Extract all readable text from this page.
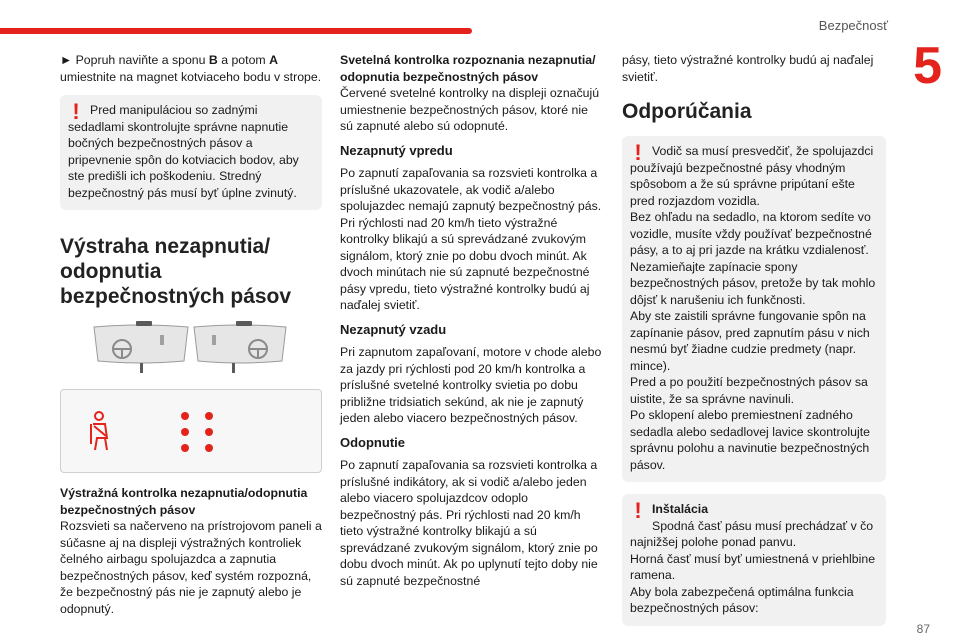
Bezpečnosť
5

► Popruh naviňte a sponu B a potom A umiestnite na magnet kotviaceho bodu v strope.

! Pred manipuláciou so zadnými sedadlami skontrolujte správne napnutie bočných bezpečnostných pásov a pripevnenie spôn do kotviacich bodov, aby ste predišli ich poškodeniu. Stredný bezpečnostný pás musí byť úplne zvinutý.

Výstraha nezapnutia/ odopnutia bezpečnostných pásov

Výstražná kontrolka nezapnutia/odopnutia bezpečnostných pásov
Rozsvieti sa načerveno na prístrojovom paneli a súčasne aj na displeji výstražných kontroliek čelného airbagu spolujazdca a zapnutia bezpečnostných pásov, keď systém rozpozná, že bezpečnostný pás nie je zapnutý alebo je odopnutý.

Svetelná kontrolka rozpoznania nezapnutia/ odopnutia bezpečnostných pásov
Červené svetelné kontrolky na displeji označujú umiestnenie bezpečnostných pásov, ktoré nie sú zapnuté alebo sú odopnuté.

Nezapnutý vpredu

Po zapnutí zapaľovania sa rozsvieti kontrolka a príslušné ukazovatele, ak vodič a/alebo spolujazdec nemajú zapnutý bezpečnostný pás. Pri rýchlosti nad 20 km/h tieto výstražné kontrolky blikajú a sú sprevádzané zvukovým signálom, ktorý znie po dobu dvoch minút. Ak dvoch minútach nie sú zapnuté bezpečnostné pásy vpredu, tieto výstražné kontrolky budú aj naďalej svietiť.

Nezapnutý vzadu

Pri zapnutom zapaľovaní, motore v chode alebo za jazdy pri rýchlosti pod 20 km/h kontrolka a príslušné svetelné kontrolky svietia po dobu približne tridsiatich sekúnd, ak nie je zapnutý jeden alebo viacero bezpečnostných pásov.

Odopnutie

Po zapnutí zapaľovania sa rozsvieti kontrolka a príslušné indikátory, ak si vodič a/alebo jeden alebo viacero spolujazdcov odoplo bezpečnostný pás. Pri rýchlosti nad 20 km/h tieto výstražné kontrolky blikajú a sú sprevádzané zvukovým signálom, ktorý znie po dobu dvoch minút. Ak po uplynutí tejto doby nie sú zapnuté bezpečnostné

pásy, tieto výstražné kontrolky budú aj naďalej svietiť.

Odporúčania
! Vodič sa musí presvedčiť, že spolujazdci používajú bezpečnostné pásy vhodným spôsobom a že sú správne pripútaní ešte pred rozjazdom vozidla.

Bez ohľadu na sedadlo, na ktorom sedíte vo vozidle, musíte vždy používať bezpečnostné pásy, a to aj pri jazde na krátku vzdialenosť.

Nezamieňajte zapínacie spony bezpečnostných pásov, pretože by tak mohlo dôjsť k narušeniu ich funkčnosti.

Aby ste zaistili správne fungovanie spôn na zapínanie pásov, pred zapnutím pásu v nich nesmú byť žiadne cudzie predmety (napr. mince).

Pred a po použití bezpečnostných pásov sa uistite, že sa správne navinuli.

Po sklopení alebo premiestnení zadného sedadla alebo sedadlovej lavice skontrolujte správnu polohu a navinutie bezpečnostných pásov.

! Inštalácia

Spodná časť pásu musí prechádzať v čo najnižšej polohe ponad panvu.

Horná časť musí byť umiestnená v priehlbine ramena.

Aby bola zabezpečená optimálna funkcia bezpečnostných pásov:

87
